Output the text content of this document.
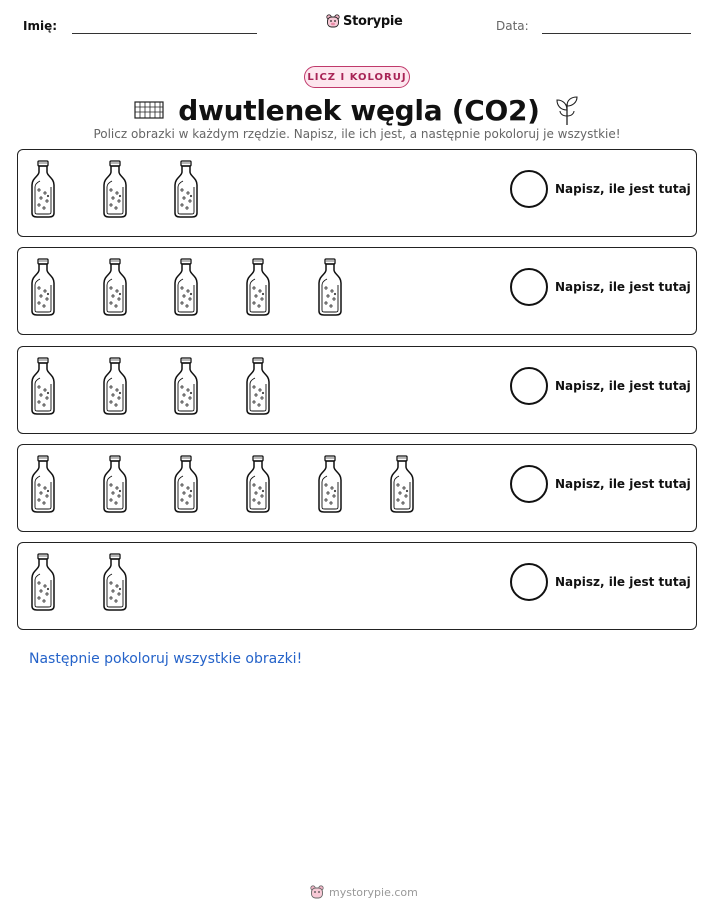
Imię:	Storypie	Data:
LICZ I KOLORUJ
dwutlenek węgla (CO2)
Policz obrazki w każdym rzędzie. Napisz, ile ich jest, a następnie pokoloruj je wszystkie!
Napisz, ile jest tutaj
Napisz, ile jest tutaj
Napisz, ile jest tutaj
Napisz, ile jest tutaj
Napisz, ile jest tutaj
Następnie pokoloruj wszystkie obrazki!
mystorypie.com
